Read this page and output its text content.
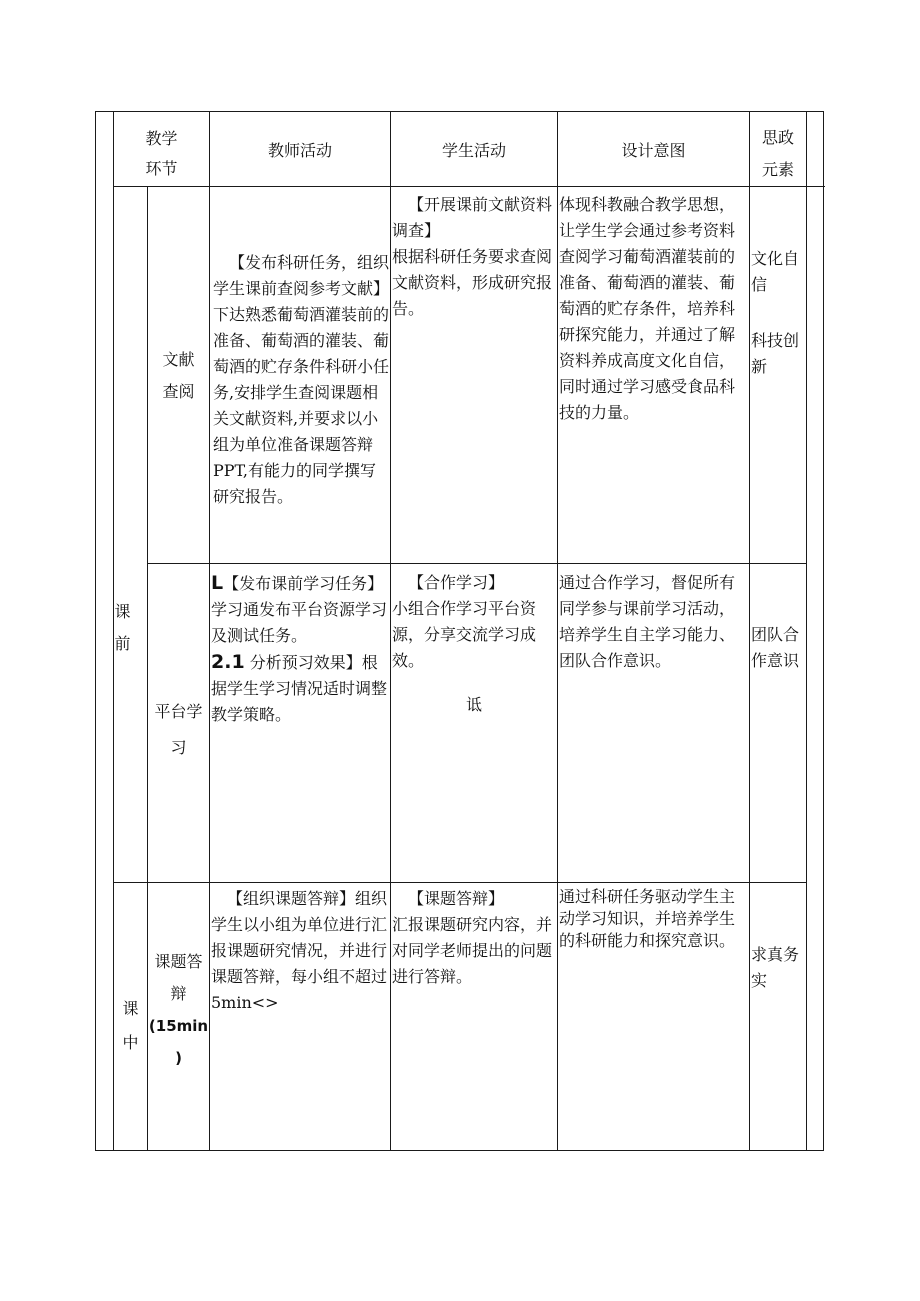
教学
环节
教师活动	学生活动	设计意图
思政
元素
课
前
课
中
文献
查阅
【发布科研任务，组织学生课前查阅参考文献】
下达熟悉葡萄酒灌装前的准备、葡萄酒的灌装、葡萄酒的贮存条件科研小任务,安排学生查阅课题相关文献资料,并要求以小组为单位准备课题答辩PPT,有能力的同学撰写研究报告。
【开展课前文献资料调查】
根据科研任务要求查阅文献资料，形成研究报告。
体现科教融合教学思想，让学生学会通过参考资料查阅学习葡萄酒灌装前的准备、葡萄酒的灌装、葡萄酒的贮存条件，培养科研探究能力，并通过了解资料养成高度文化自信，同时通过学习感受食品科技的力量。
文化自信
科技创新
平台学
习
L【发布课前学习任务】学习通发布平台资源学习及测试任务。
2.1 分析预习效果】根据学生学习情况适时调整教学策略。
【合作学习】
小组合作学习平台资源，分享交流学习成效。
诋
通过合作学习，督促所有同学参与课前学习活动，培养学生自主学习能力、团队合作意识。
团队合作意识
课题答
辩
(15min
)
【组织课题答辩】组织学生以小组为单位进行汇报课题研究情况，并进行课题答辩，每小组不超过 5min<>
【课题答辩】
汇报课题研究内容，并对同学老师提出的问题进行答辩。
通过科研任务驱动学生主动学习知识，并培养学生的科研能力和探究意识。
求真务实
